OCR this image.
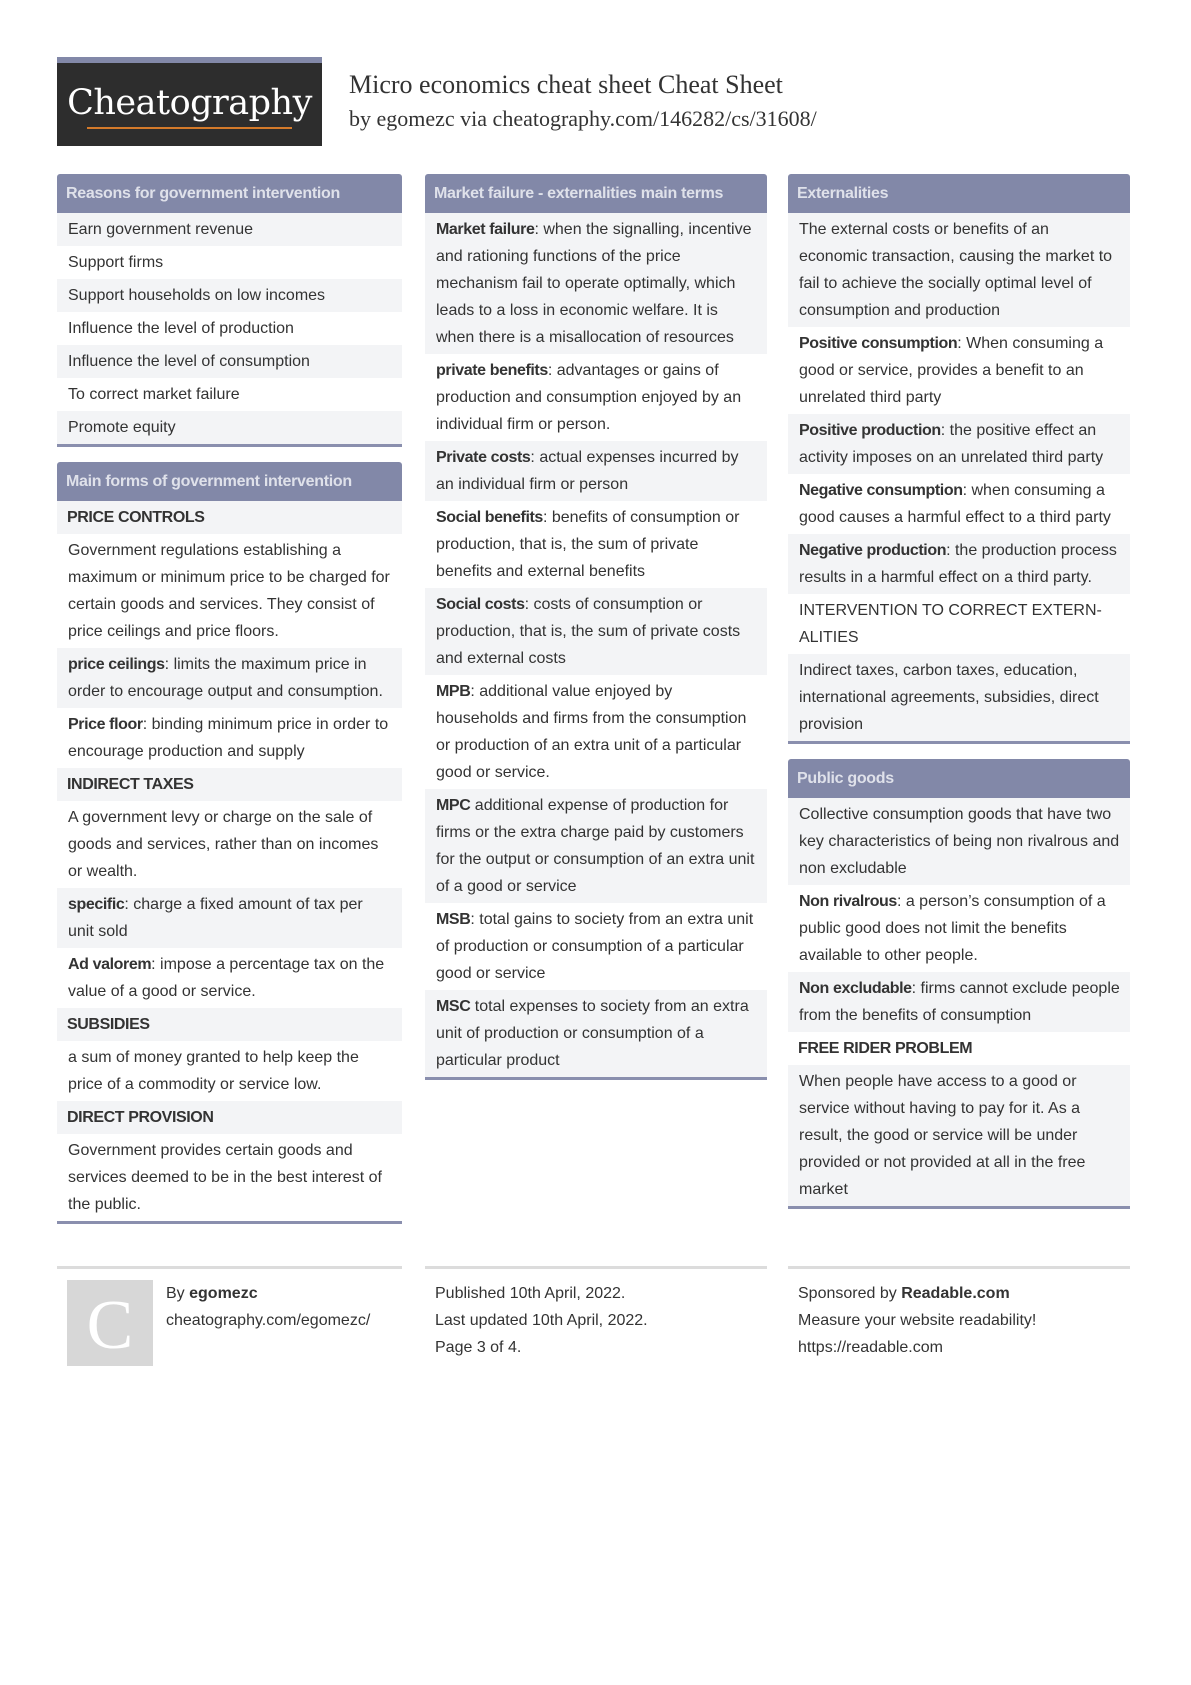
Cheatography	Micro economics cheat sheet Cheat Sheet
by egomezc via cheatography.com/146282/cs/31608/
Reasons for government intervention
Earn government revenue
Support firms
Support households on low incomes
Influence the level of production
Influence the level of consumption
To correct market failure
Promote equity
Main forms of government intervention
PRICE CONTROLS
Government regulations establishing a maximum or minimum price to be charged for certain goods and services. They consist of price ceilings and price floors.
price ceilings: limits the maximum price in order to encourage output and consumption.
Price floor: binding minimum price in order to encourage production and supply
INDIRECT TAXES
A government levy or charge on the sale of goods and services, rather than on incomes or wealth.
specific: charge a fixed amount of tax per unit sold
Ad valorem: impose a percentage tax on the value of a good or service.
SUBSIDIES
a sum of money granted to help keep the price of a commodity or service low.
DIRECT PROVISION
Government provides certain goods and services deemed to be in the best interest of the public.
Market failure - externalities main terms
Market failure: when the signalling, incentive and rationing functions of the price mechanism fail to operate optimally, which leads to a loss in economic welfare. It is when there is a misallocation of resources
private benefits: advantages or gains of production and consumption enjoyed by an individual firm or person.
Private costs: actual expenses incurred by an individual firm or person
Social benefits: benefits of consumption or production, that is, the sum of private benefits and external benefits
Social costs: costs of consumption or production, that is, the sum of private costs and external costs
MPB: additional value enjoyed by households and firms from the consumption or production of an extra unit of a particular good or service.
MPC additional expense of production for firms or the extra charge paid by customers for the output or consumption of an extra unit of a good or service
MSB: total gains to society from an extra unit of production or consumption of a particular good or service
MSC total expenses to society from an extra unit of production or consumption of a particular product
Externalities
The external costs or benefits of an economic transaction, causing the market to fail to achieve the socially optimal level of consumption and production
Positive consumption: When consuming a good or service, provides a benefit to an unrelated third party
Positive production: the positive effect an activity imposes on an unrelated third party
Negative consumption: when consuming a good causes a harmful effect to a third party
Negative production: the production process results in a harmful effect on a third party.
INTERVENTION TO CORRECT EXTERNALITIES
Indirect taxes, carbon taxes, education, international agreements, subsidies, direct provision
Public goods
Collective consumption goods that have two key characteristics of being non rivalrous and non excludable
Non rivalrous: a person’s consumption of a public good does not limit the benefits available to other people.
Non excludable: firms cannot exclude people from the benefits of consumption
FREE RIDER PROBLEM
When people have access to a good or service without having to pay for it. As a result, the good or service will be under provided or not provided at all in the free market
C	By egomezc
cheatography.com/egomezc/
Published 10th April, 2022.
Last updated 10th April, 2022.
Page 3 of 4.
Sponsored by Readable.com
Measure your website readability!
https://readable.com
